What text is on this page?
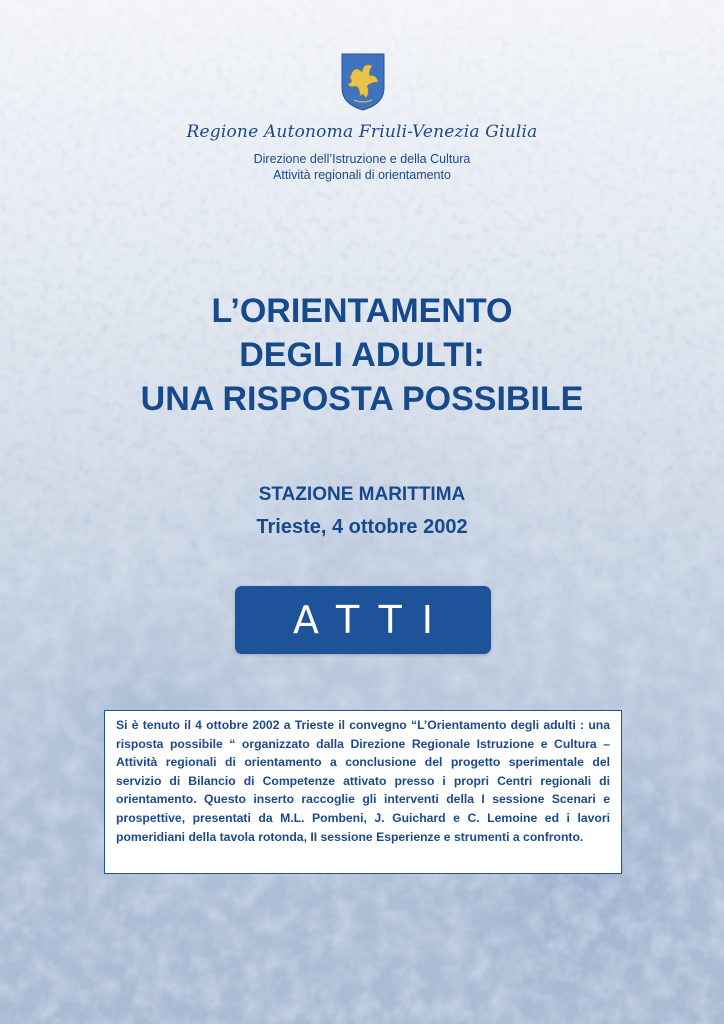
Regione Autonoma Friuli-Venezia Giulia
Direzione dell’Istruzione e della Cultura
Attività regionali di orientamento
L’ORIENTAMENTO
DEGLI ADULTI:
UNA RISPOSTA POSSIBILE
STAZIONE MARITTIMA
Trieste, 4 ottobre 2002
ATTI

Si è tenuto il 4 ottobre 2002 a Trieste il convegno “L’Orientamento degli adulti : una risposta possibile “ organizzato dalla Direzione Regionale Istruzione e Cultura – Attività regionali di orientamento a conclusione del progetto sperimentale del servizio di Bilancio di Competenze attivato presso i propri Centri regionali di orientamento. Questo inserto raccoglie gli interventi della I sessione Scenari e prospettive, presentati da M.L. Pombeni, J. Guichard e C. Lemoine ed i lavori pomeridiani della tavola rotonda, II sessione Esperienze e strumenti a confronto.
